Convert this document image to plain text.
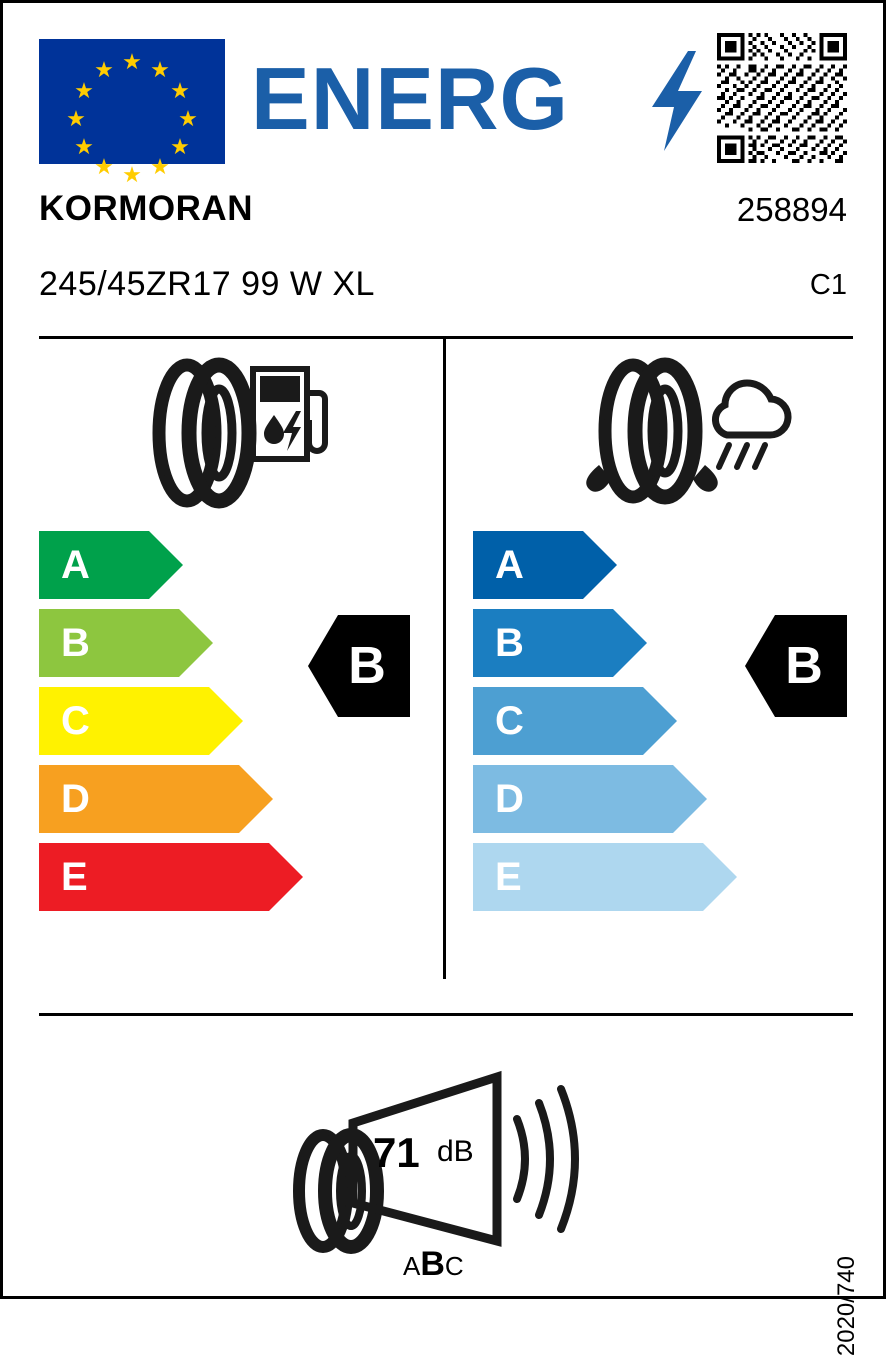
★ ★
★
★
★
★
★
★
★
★
★
★ ENERG
KORMORAN	258894
245/45ZR17 99 W XL	C1
A
B
C
D
E
A
B
C
D
E
B	B
71 dB
ABC	2020/740
